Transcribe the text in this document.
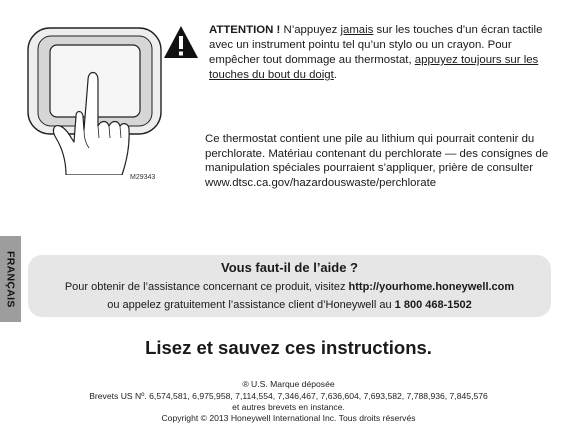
M29343
ATTENTION ! N’appuyez jamais sur les touches d’un écran tactile avec un instrument pointu tel qu’un stylo ou un crayon. Pour empêcher tout dommage au thermostat, appuyez toujours sur les touches du bout du doigt.
Ce thermostat contient une pile au lithium qui pourrait contenir du perchlorate. Matériau contenant du perchlorate — des consignes de manipulation spéciales pourraient s’appliquer, prière de consulter
www.dtsc.ca.gov/hazardouswaste/perchlorate
FRANÇAIS	Vous faut-il de l’aide ?
Pour obtenir de l’assistance concernant ce produit, visitez http://yourhome.honeywell.com
ou appelez gratuitement l’assistance client d’Honeywell au 1 800 468-1502
Lisez et sauvez ces instructions.
® U.S. Marque déposée
Brevets US Nº. 6,574,581, 6,975,958, 7,114,554, 7,346,467, 7,636,604, 7,693,582, 7,788,936, 7,845,576
et autres brevets en instance.
Copyright © 2013 Honeywell International Inc. Tous droits réservés
